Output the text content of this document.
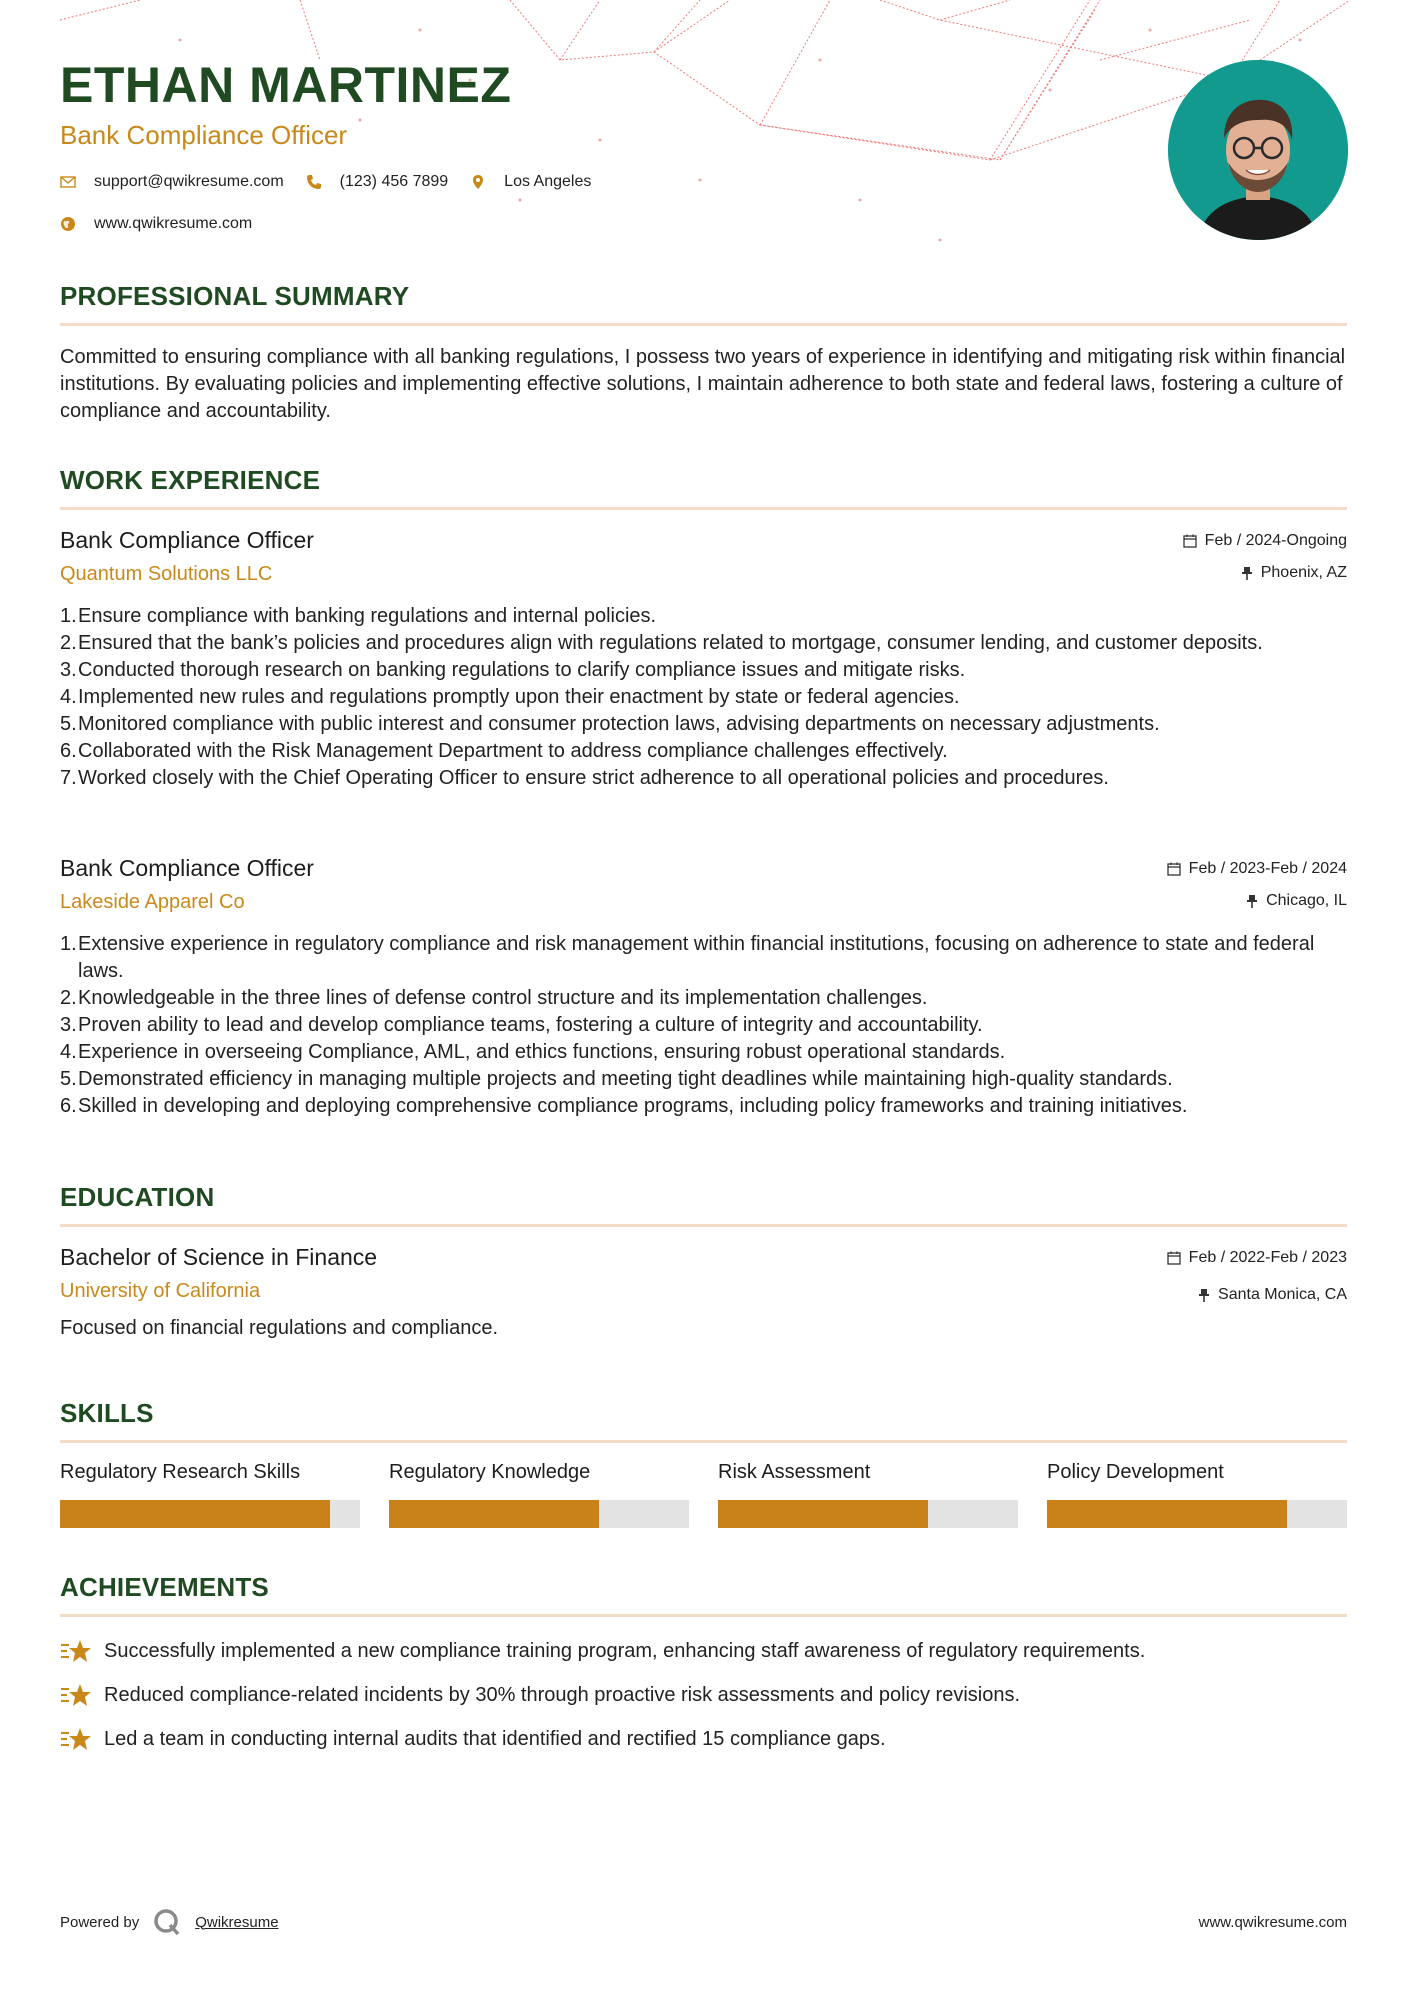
ETHAN MARTINEZ
Bank Compliance Officer
support@qwikresume.com	(123) 456 7899	Los Angeles
www.qwikresume.com
PROFESSIONAL SUMMARY
Committed to ensuring compliance with all banking regulations, I possess two years of experience in identifying and mitigating risk within financial institutions. By evaluating policies and implementing effective solutions, I maintain adherence to both state and federal laws, fostering a culture of compliance and accountability.
WORK EXPERIENCE
Bank Compliance Officer	Feb / 2024-Ongoing
Quantum Solutions LLC	Phoenix, AZ
1. Ensure compliance with banking regulations and internal policies.
2. Ensured that the bank’s policies and procedures align with regulations related to mortgage, consumer lending, and customer deposits.
3. Conducted thorough research on banking regulations to clarify compliance issues and mitigate risks.
4. Implemented new rules and regulations promptly upon their enactment by state or federal agencies.
5. Monitored compliance with public interest and consumer protection laws, advising departments on necessary adjustments.
6. Collaborated with the Risk Management Department to address compliance challenges effectively.
7. Worked closely with the Chief Operating Officer to ensure strict adherence to all operational policies and procedures.
Bank Compliance Officer	Feb / 2023-Feb / 2024
Lakeside Apparel Co	Chicago, IL
1. Extensive experience in regulatory compliance and risk management within financial institutions, focusing on adherence to state and federal laws.
2. Knowledgeable in the three lines of defense control structure and its implementation challenges.
3. Proven ability to lead and develop compliance teams, fostering a culture of integrity and accountability.
4. Experience in overseeing Compliance, AML, and ethics functions, ensuring robust operational standards.
5. Demonstrated efficiency in managing multiple projects and meeting tight deadlines while maintaining high-quality standards.
6. Skilled in developing and deploying comprehensive compliance programs, including policy frameworks and training initiatives.
EDUCATION
Bachelor of Science in Finance	Feb / 2022-Feb / 2023
University of California	Santa Monica, CA
Focused on financial regulations and compliance.
SKILLS
Regulatory Research Skills	Regulatory Knowledge	Risk Assessment	Policy Development
ACHIEVEMENTS
Successfully implemented a new compliance training program, enhancing staff awareness of regulatory requirements.
Reduced compliance-related incidents by 30% through proactive risk assessments and policy revisions.
Led a team in conducting internal audits that identified and rectified 15 compliance gaps.
Powered by	Qwikresume	www.qwikresume.com
